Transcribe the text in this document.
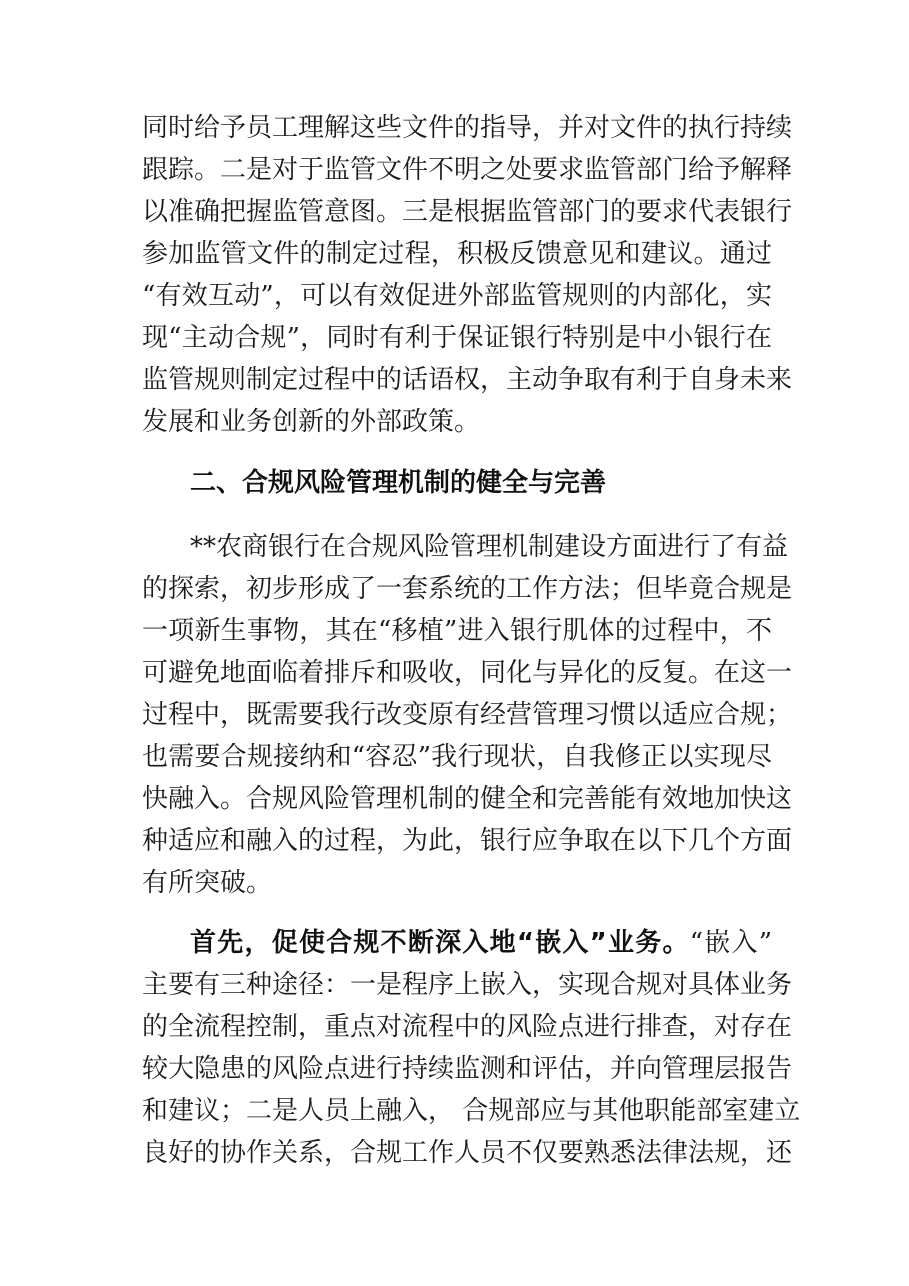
同时给予员工理解这些文件的指导，并对文件的执行持续
跟踪。二是对于监管文件不明之处要求监管部门给予解释
以准确把握监管意图。三是根据监管部门的要求代表银行
参加监管文件的制定过程，积极反馈意见和建议。通过
“有效互动”，可以有效促进外部监管规则的内部化，实
现“主动合规”，同时有利于保证银行特别是中小银行在
监管规则制定过程中的话语权，主动争取有利于自身未来
发展和业务创新的外部政策。
二、合规风险管理机制的健全与完善
**农商银行在合规风险管理机制建设方面进行了有益
的探索，初步形成了一套系统的工作方法；但毕竟合规是
一项新生事物，其在“移植”进入银行肌体的过程中，不
可避免地面临着排斥和吸收，同化与异化的反复。在这一
过程中，既需要我行改变原有经营管理习惯以适应合规；
也需要合规接纳和“容忍”我行现状，自我修正以实现尽
快融入。合规风险管理机制的健全和完善能有效地加快这
种适应和融入的过程，为此，银行应争取在以下几个方面
有所突破。
首先，促使合规不断深入地“嵌入”业务。“嵌入”
主要有三种途径：一是程序上嵌入，实现合规对具体业务
的全流程控制，重点对流程中的风险点进行排查，对存在
较大隐患的风险点进行持续监测和评估，并向管理层报告
和建议；二是人员上融入， 合规部应与其他职能部室建立
良好的协作关系，合规工作人员不仅要熟悉法律法规，还
